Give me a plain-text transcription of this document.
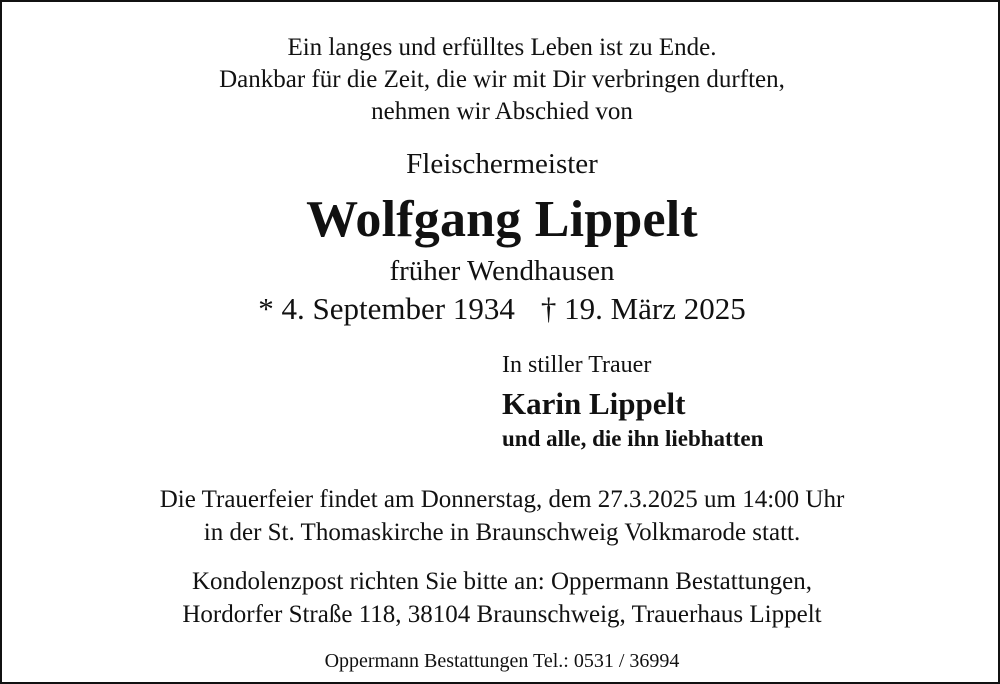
Ein langes und erfülltes Leben ist zu Ende.
Dankbar für die Zeit, die wir mit Dir verbringen durften,
nehmen wir Abschied von
Fleischermeister
Wolfgang Lippelt
früher Wendhausen
* 4. September 1934 † 19. März 2025
In stiller Trauer
Karin Lippelt
und alle, die ihn liebhatten
Die Trauerfeier findet am Donnerstag, dem 27.3.2025 um 14:00 Uhr
in der St. Thomaskirche in Braunschweig Volkmarode statt.
Kondolenzpost richten Sie bitte an: Oppermann Bestattungen,
Hordorfer Straße 118, 38104 Braunschweig, Trauerhaus Lippelt
Oppermann Bestattungen Tel.: 0531 / 36994
